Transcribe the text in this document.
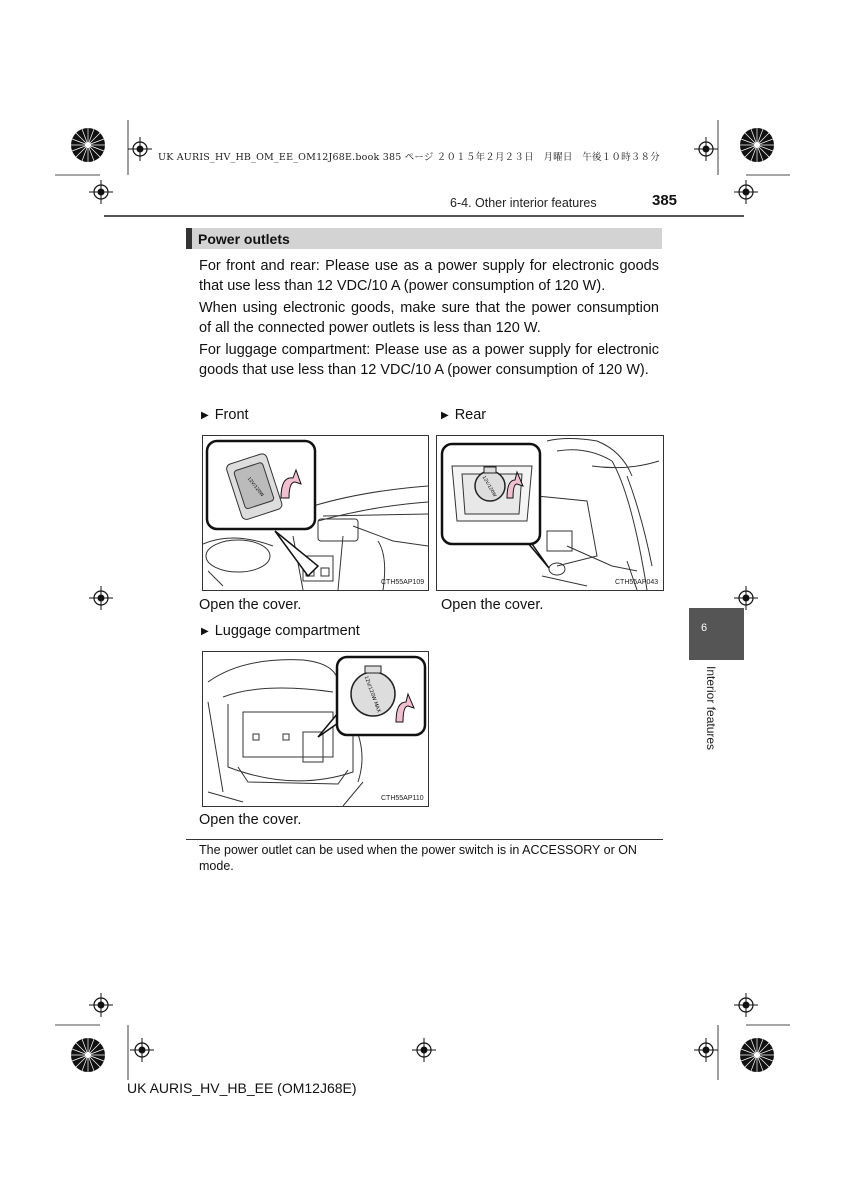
UK AURIS_HV_HB_OM_EE_OM12J68E.book 385 ページ ２０１５年２月２３日　月曜日　午後１０時３８分
6-4. Other interior features	385
Power outlets
For front and rear: Please use as a power supply for electronic goods that use less than 12 VDC/10 A (power consumption of 120 W).
When using electronic goods, make sure that the power consumption of all the connected power outlets is less than 120 W.
For luggage compartment: Please use as a power supply for electronic goods that use less than 12 VDC/10 A (power consumption of 120 W).
▶ Front
12V/120W
CTH55AP109
Open the cover.
▶ Rear
12V/120W
CTH55AP043
Open the cover.
▶ Luggage compartment
12V/120W MAX
CTH55AP110
Open the cover.
The power outlet can be used when the power switch is in ACCESSORY or ON mode.
6
Interior features
UK AURIS_HV_HB_EE (OM12J68E)
